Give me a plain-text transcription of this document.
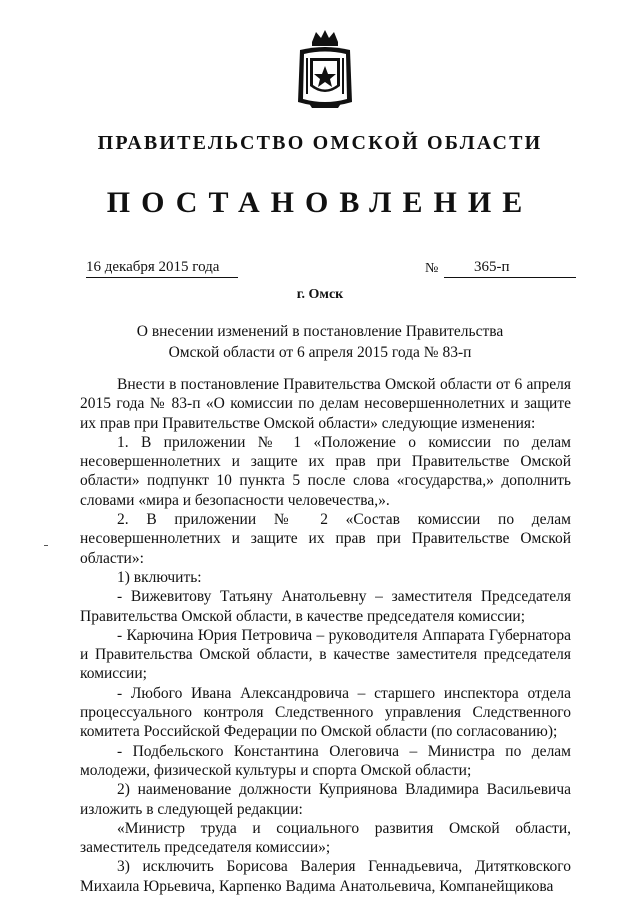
ПРАВИТЕЛЬСТВО ОМСКОЙ ОБЛАСТИ
ПОСТАНОВЛЕНИЕ
16 декабря 2015 года	№	365-п
г. Омск
О внесении изменений в постановление Правительства
Омской области от 6 апреля 2015 года № 83-п

Внести в постановление Правительства Омской области от 6 апреля 2015 года № 83-п «О комиссии по делам несовершеннолетних и защите их прав при Правительстве Омской области» следующие изменения:

1. В приложении № 1 «Положение о комиссии по делам несовершеннолетних и защите их прав при Правительстве Омской области» подпункт 10 пункта 5 после слова «государства,» дополнить словами «мира и безопасности человечества,».

2. В приложении № 2 «Состав комиссии по делам несовершеннолетних и защите их прав при Правительстве Омской области»:

1) включить:

- Вижевитову Татьяну Анатольевну – заместителя Председателя Правительства Омской области, в качестве председателя комиссии;

- Карючина Юрия Петровича – руководителя Аппарата Губернатора и Правительства Омской области, в качестве заместителя председателя комиссии;

- Любого Ивана Александровича – старшего инспектора отдела процессуального контроля Следственного управления Следственного комитета Российской Федерации по Омской области (по согласованию);

- Подбельского Константина Олеговича – Министра по делам молодежи, физической культуры и спорта Омской области;

2) наименование должности Куприянова Владимира Васильевича изложить в следующей редакции:

«Министр труда и социального развития Омской области, заместитель председателя комиссии»;

3) исключить Борисова Валерия Геннадьевича, Дитятковского Михаила Юрьевича, Карпенко Вадима Анатольевича, Компанейщикова
